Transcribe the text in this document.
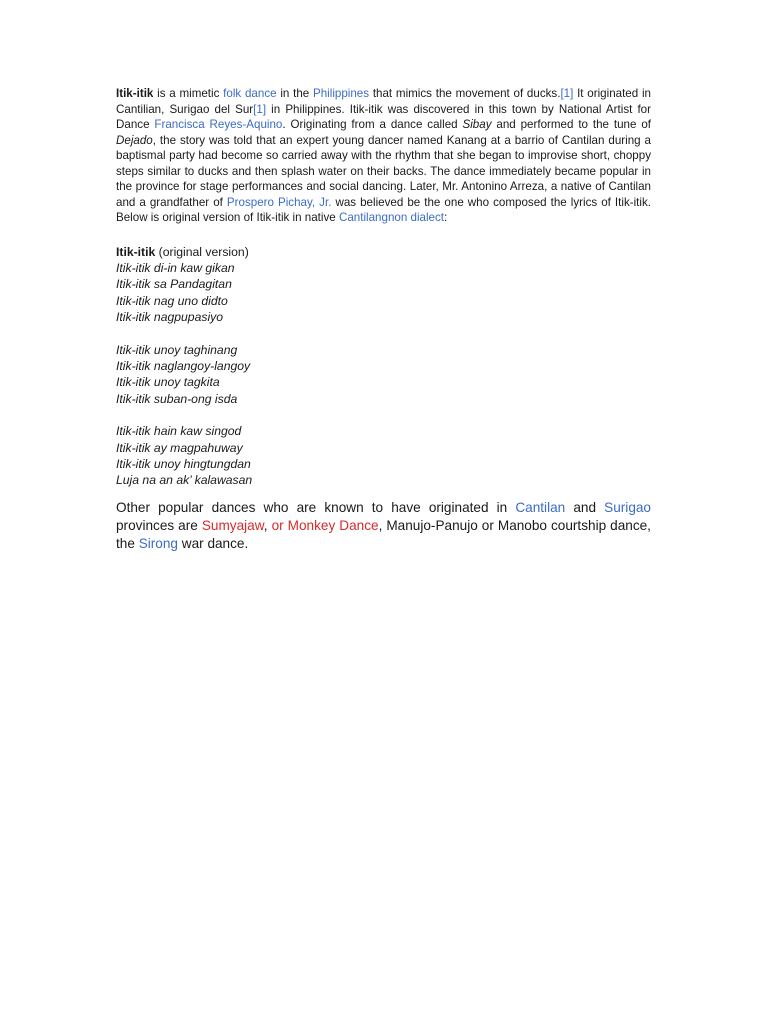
Itik-itik is a mimetic folk dance in the Philippines that mimics the movement of ducks.[1] It originated in Cantilian, Surigao del Sur[1] in Philippines. Itik-itik was discovered in this town by National Artist for Dance Francisca Reyes-Aquino. Originating from a dance called Sibay and performed to the tune of Dejado, the story was told that an expert young dancer named Kanang at a barrio of Cantilan during a baptismal party had become so carried away with the rhythm that she began to improvise short, choppy steps similar to ducks and then splash water on their backs. The dance immediately became popular in the province for stage performances and social dancing. Later, Mr. Antonino Arreza, a native of Cantilan and a grandfather of Prospero Pichay, Jr. was believed be the one who composed the lyrics of Itik-itik. Below is original version of Itik-itik in native Cantilangnon dialect:

Itik-itik (original version)
Itik-itik di-in kaw gikan
Itik-itik sa Pandagitan
Itik-itik nag uno didto
Itik-itik nagpupasiyo
Itik-itik unoy taghinang
Itik-itik naglangoy-langoy
Itik-itik unoy tagkita
Itik-itik suban-ong isda
Itik-itik hain kaw singod
Itik-itik ay magpahuway
Itik-itik unoy hingtungdan
Luja na an ak’ kalawasan

Other popular dances who are known to have originated in Cantilan and Surigao provinces are Sumyajaw, or Monkey Dance, Manujo-Panujo or Manobo courtship dance, the Sirong war dance.
